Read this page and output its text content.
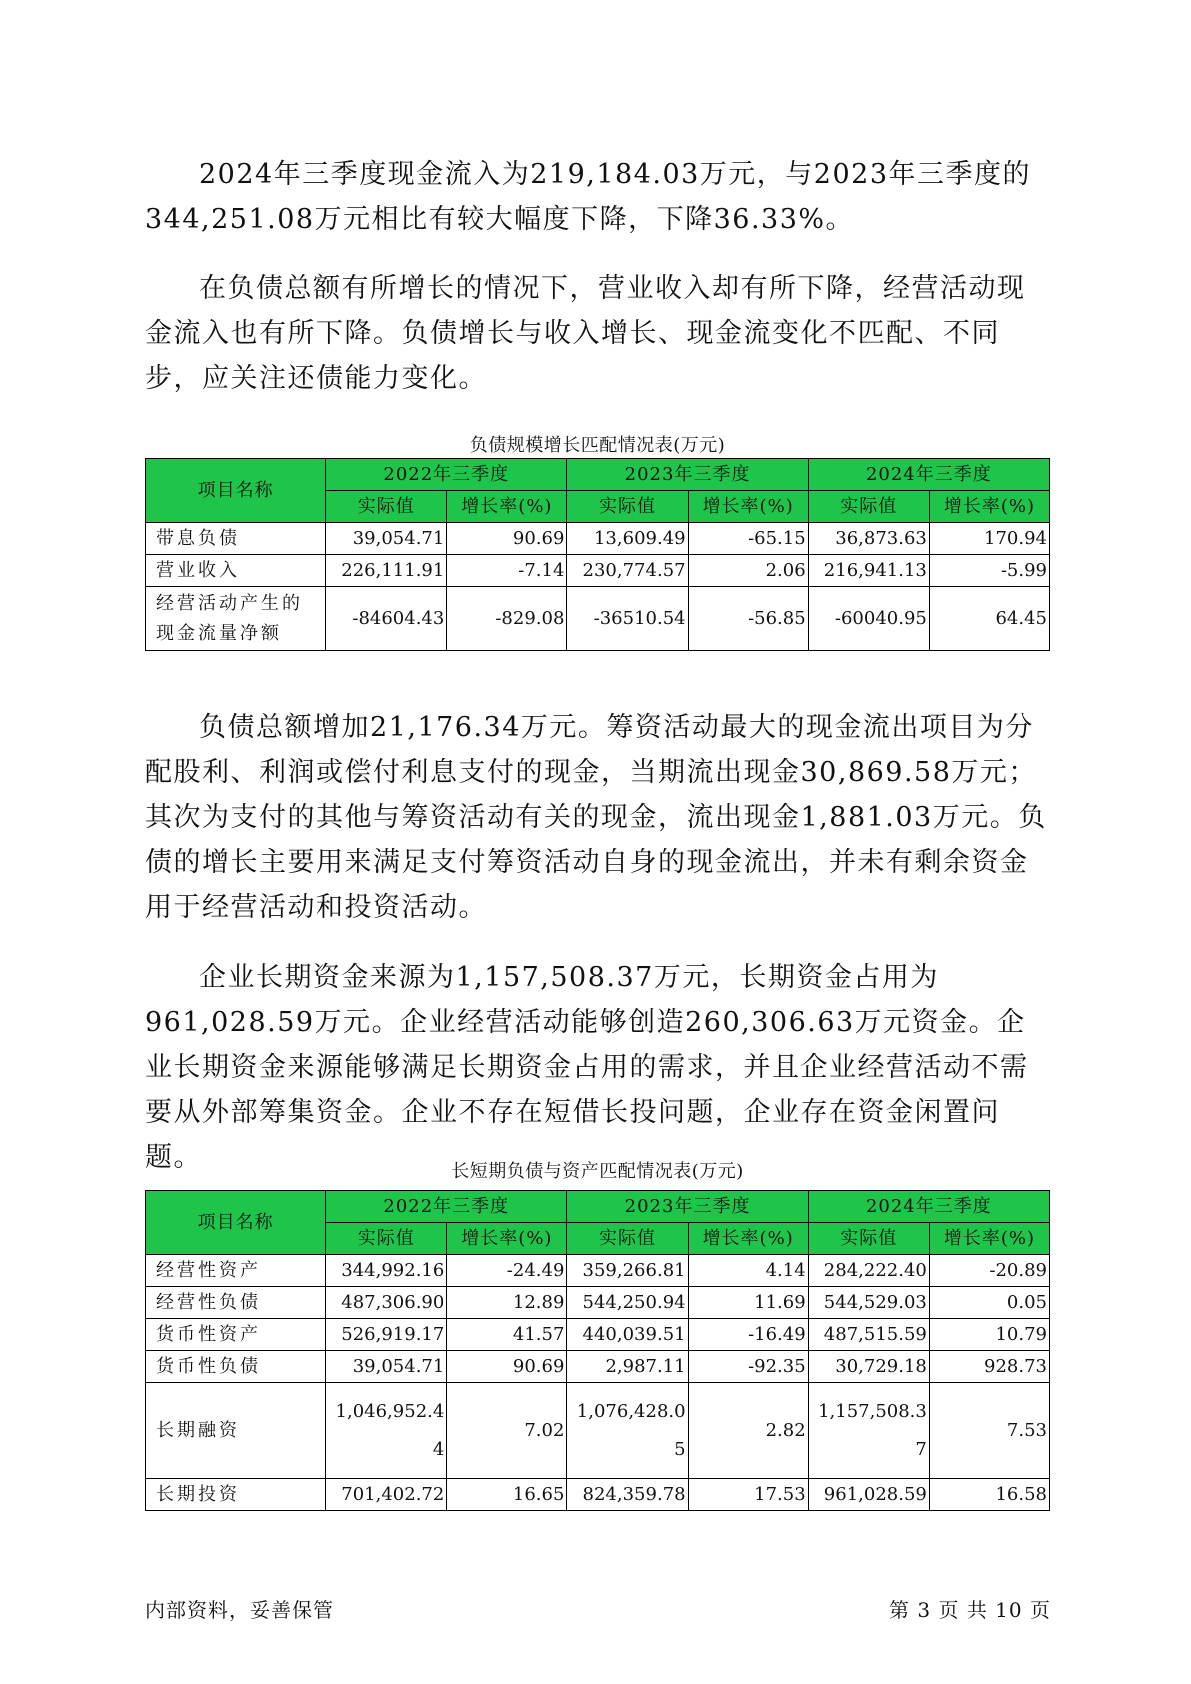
2024年三季度现金流入为219,184.03万元，与2023年三季度的344,251.08万元相比有较大幅度下降，下降36.33%。

在负债总额有所增长的情况下，营业收入却有所下降，经营活动现金流入也有所下降。负债增长与收入增长、现金流变化不匹配、不同步，应关注还债能力变化。

负债规模增长匹配情况表(万元)
项目名称	2022年三季度		2023年三季度		2024年三季度	
	实际值	增长率(%)	实际值	增长率(%)	实际值	增长率(%)
带息负债	39,054.71	90.69	13,609.49	-65.15	36,873.63	170.94
营业收入	226,111.91	-7.14	230,774.57	2.06	216,941.13	-5.99
经营活动产生的现金流量净额	-84604.43	-829.08	-36510.54	-56.85	-60040.95	64.45

负债总额增加21,176.34万元。筹资活动最大的现金流出项目为分配股利、利润或偿付利息支付的现金，当期流出现金30,869.58万元；其次为支付的其他与筹资活动有关的现金，流出现金1,881.03万元。负债的增长主要用来满足支付筹资活动自身的现金流出，并未有剩余资金用于经营活动和投资活动。

企业长期资金来源为1,157,508.37万元，长期资金占用为961,028.59万元。企业经营活动能够创造260,306.63万元资金。企业长期资金来源能够满足长期资金占用的需求，并且企业经营活动不需要从外部筹集资金。企业不存在短借长投问题，企业存在资金闲置问题。	长短期负债与资产匹配情况表(万元)
项目名称	2022年三季度		2023年三季度		2024年三季度	
	实际值	增长率(%)	实际值	增长率(%)	实际值	增长率(%)
经营性资产	344,992.16	-24.49	359,266.81	4.14	284,222.40	-20.89
经营性负债	487,306.90	12.89	544,250.94	11.69	544,529.03	0.05
货币性资产	526,919.17	41.57	440,039.51	-16.49	487,515.59	10.79
货币性负债	39,054.71	90.69	2,987.11	-92.35	30,729.18	928.73
长期融资	1,046,952.44	7.02	1,076,428.05	2.82	1,157,508.37	7.53
长期投资	701,402.72	16.65	824,359.78	17.53	961,028.59	16.58
内部资料，妥善保管	第 3 页 共 10 页
